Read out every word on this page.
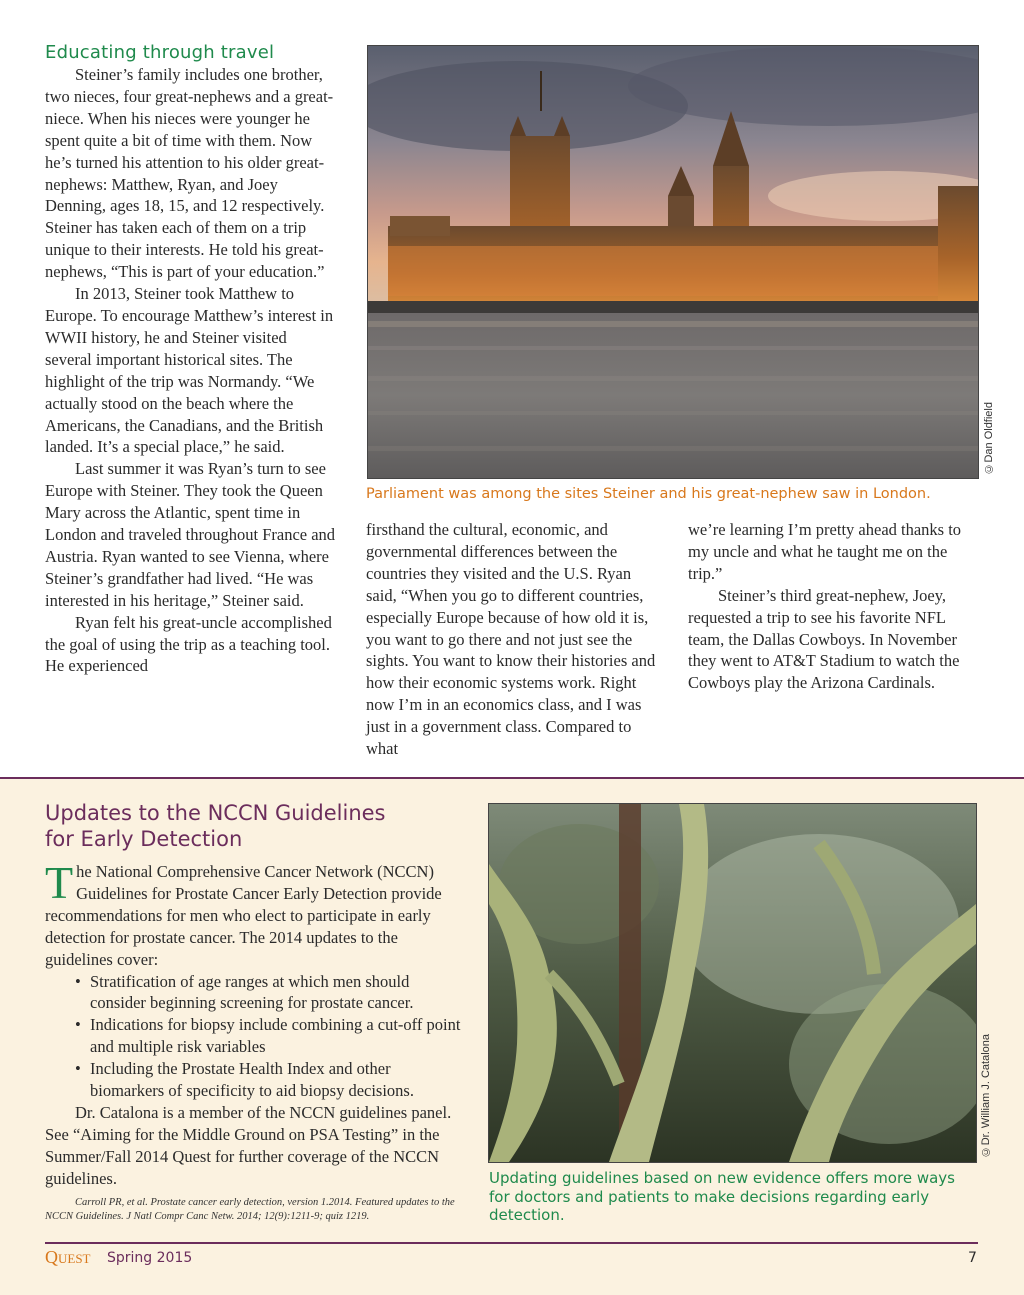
Educating through travel

Steiner’s family includes one brother, two nieces, four great-nephews and a great-niece. When his nieces were younger he spent quite a bit of time with them. Now he’s turned his attention to his older great-nephews: Matthew, Ryan, and Joey Denning, ages 18, 15, and 12 respectively. Steiner has taken each of them on a trip unique to their interests. He told his great-nephews, “This is part of your education.”

In 2013, Steiner took Matthew to Europe. To encourage Matthew’s interest in WWII history, he and Steiner visited several important historical sites. The highlight of the trip was Normandy. “We actually stood on the beach where the Americans, the Canadians, and the British landed. It’s a special place,” he said.

Last summer it was Ryan’s turn to see Europe with Steiner. They took the Queen Mary across the Atlantic, spent time in London and traveled throughout France and Austria. Ryan wanted to see Vienna, where Steiner’s grandfather had lived. “He was interested in his heritage,” Steiner said.

Ryan felt his great-uncle accomplished the goal of using the trip as a teaching tool. He experienced

©Dan Oldfield
Parliament was among the sites Steiner and his great-nephew saw in London.

firsthand the cultural, economic, and governmental differences between the countries they visited and the U.S. Ryan said, “When you go to different countries, especially Europe because of how old it is, you want to go there and not just see the sights. You want to know their histories and how their economic systems work. Right now I’m in an economics class, and I was just in a government class. Compared to what

we’re learning I’m pretty ahead thanks to my uncle and what he taught me on the trip.”

Steiner’s third great-nephew, Joey, requested a trip to see his favorite NFL team, the Dallas Cowboys. In November they went to AT&T Stadium to watch the Cowboys play the Arizona Cardinals.

Updates to the NCCN Guidelines
for Early Detection

The National Comprehensive Cancer Network (NCCN) Guidelines for Prostate Cancer Early Detection provide recommendations for men who elect to participate in early detection for prostate cancer. The 2014 updates to the guidelines cover:

• Stratification of age ranges at which men should consider beginning screening for prostate cancer.
• Indications for biopsy include combining a cut-off point and multiple risk variables
• Including the Prostate Health Index and other biomarkers of specificity to aid biopsy decisions.

Dr. Catalona is a member of the NCCN guidelines panel. See “Aiming for the Middle Ground on PSA Testing” in the Summer/Fall 2014 Quest for further coverage of the NCCN guidelines.

Carroll PR, et al. Prostate cancer early detection, version 1.2014. Featured updates to the NCCN Guidelines. J Natl Compr Canc Netw. 2014; 12(9):1211-9; quiz 1219.

©Dr. William J. Catalona
Updating guidelines based on new evidence offers more ways for doctors and patients to make decisions regarding early detection.
Quest Spring 2015	7
